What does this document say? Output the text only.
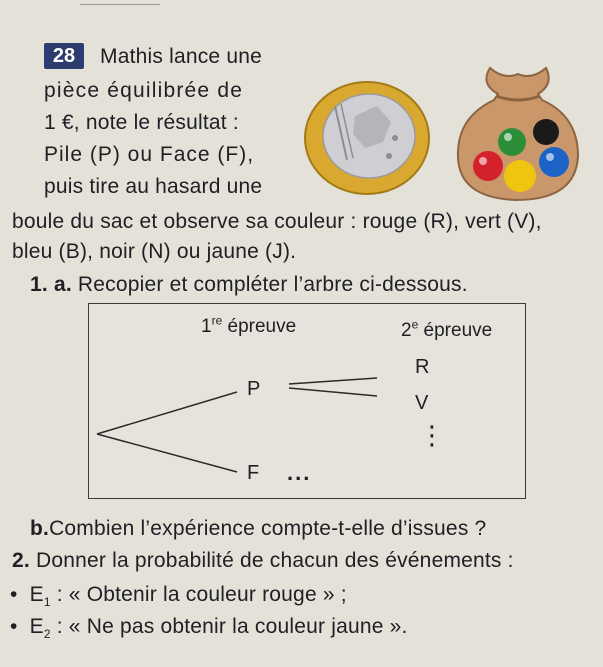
28	Mathis lance une
pièce équilibrée de
1 €, note le résultat :
Pile (P) ou Face (F),
puis tire au hasard une
boule du sac et observe sa couleur : rouge (R), vert (V),
bleu (B), noir (N) ou jaune (J).
1. a. Recopier et compléter l’arbre ci-dessous.
1re épreuve	2e épreuve
P
F
R
V
⋮
...
b.Combien l’expérience compte-t-elle d’issues ?
2. Donner la probabilité de chacun des événements :
• $E_1$ : « Obtenir la couleur rouge » ;
• $E_2$ : « Ne pas obtenir la couleur jaune ».
